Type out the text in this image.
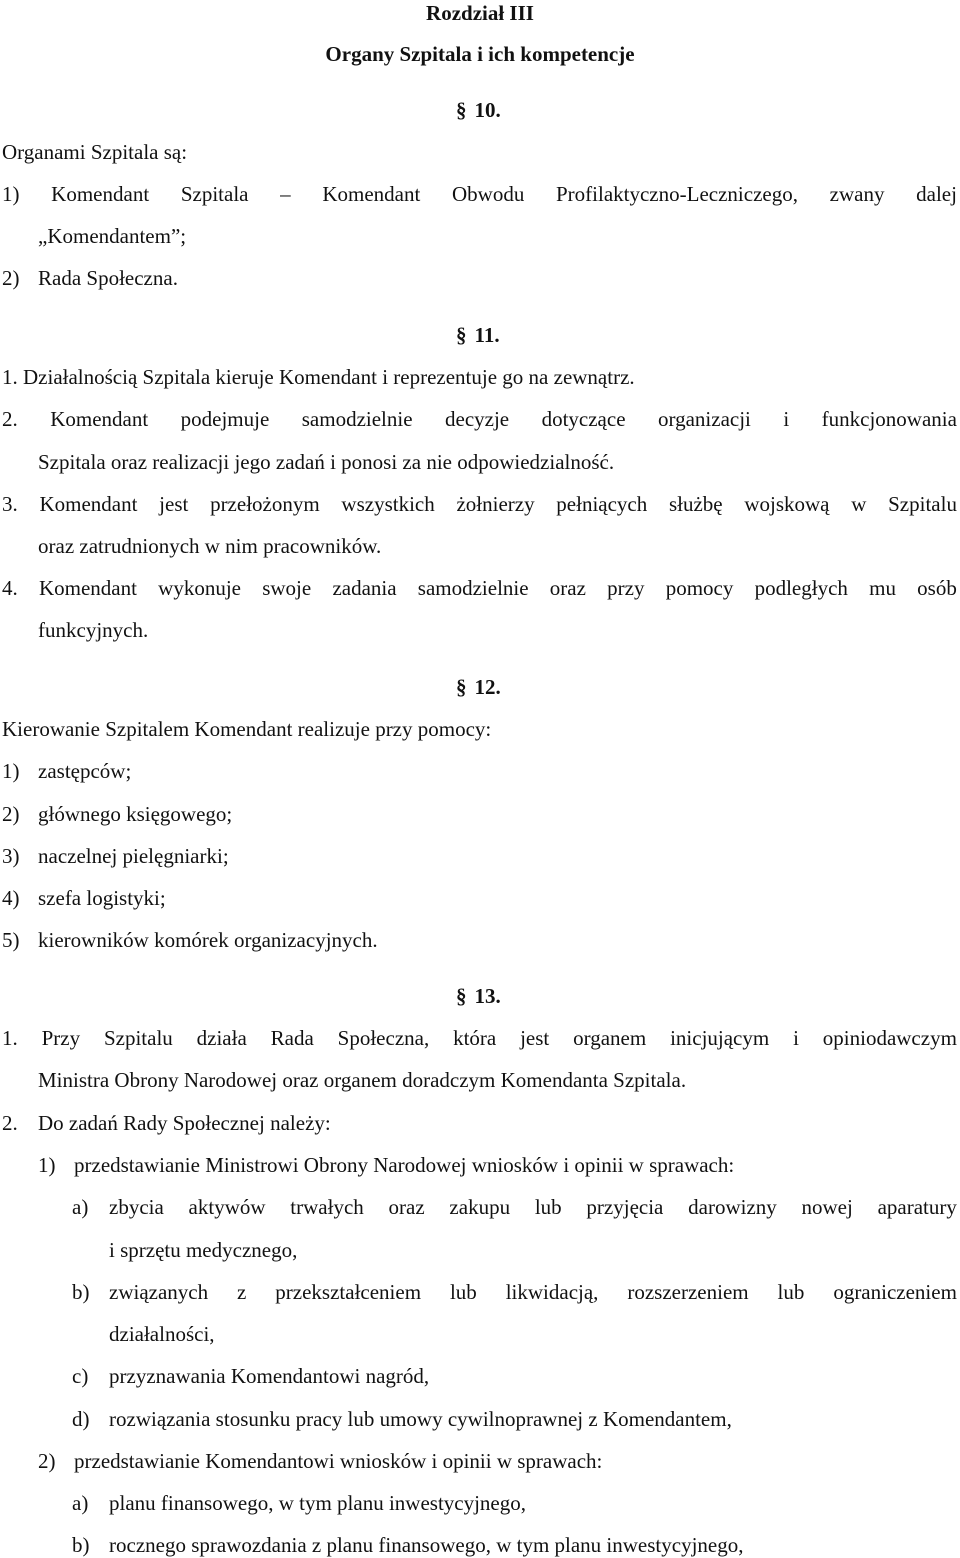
Rozdział III
Organy Szpitala i ich kompetencje
§ 10.
Organami Szpitala są:
1) Komendant Szpitala – Komendant Obwodu Profilaktyczno-Leczniczego, zwany dalej
„Komendantem”;
2) Rada Społeczna.
§ 11.
1. Działalnością Szpitala kieruje Komendant i reprezentuje go na zewnątrz.
2. Komendant podejmuje samodzielnie decyzje dotyczące organizacji i funkcjonowania
Szpitala oraz realizacji jego zadań i ponosi za nie odpowiedzialność.
3. Komendant jest przełożonym wszystkich żołnierzy pełniących służbę wojskową w Szpitalu
oraz zatrudnionych w nim pracowników.
4. Komendant wykonuje swoje zadania samodzielnie oraz przy pomocy podległych mu osób
funkcyjnych.
§ 12.
Kierowanie Szpitalem Komendant realizuje przy pomocy:
1) zastępców;
2) głównego księgowego;
3) naczelnej pielęgniarki;
4) szefa logistyki;
5) kierowników komórek organizacyjnych.
§ 13.
1. Przy Szpitalu działa Rada Społeczna, która jest organem inicjującym i opiniodawczym
Ministra Obrony Narodowej oraz organem doradczym Komendanta Szpitala.
2. Do zadań Rady Społecznej należy:
1) przedstawianie Ministrowi Obrony Narodowej wniosków i opinii w sprawach:
a) zbycia aktywów trwałych oraz zakupu lub przyjęcia darowizny nowej aparatury
i sprzętu medycznego,
b) związanych z przekształceniem lub likwidacją, rozszerzeniem lub ograniczeniem
działalności,
c) przyznawania Komendantowi nagród,
d) rozwiązania stosunku pracy lub umowy cywilnoprawnej z Komendantem,
2) przedstawianie Komendantowi wniosków i opinii w sprawach:
a) planu finansowego, w tym planu inwestycyjnego,
b) rocznego sprawozdania z planu finansowego, w tym planu inwestycyjnego,
